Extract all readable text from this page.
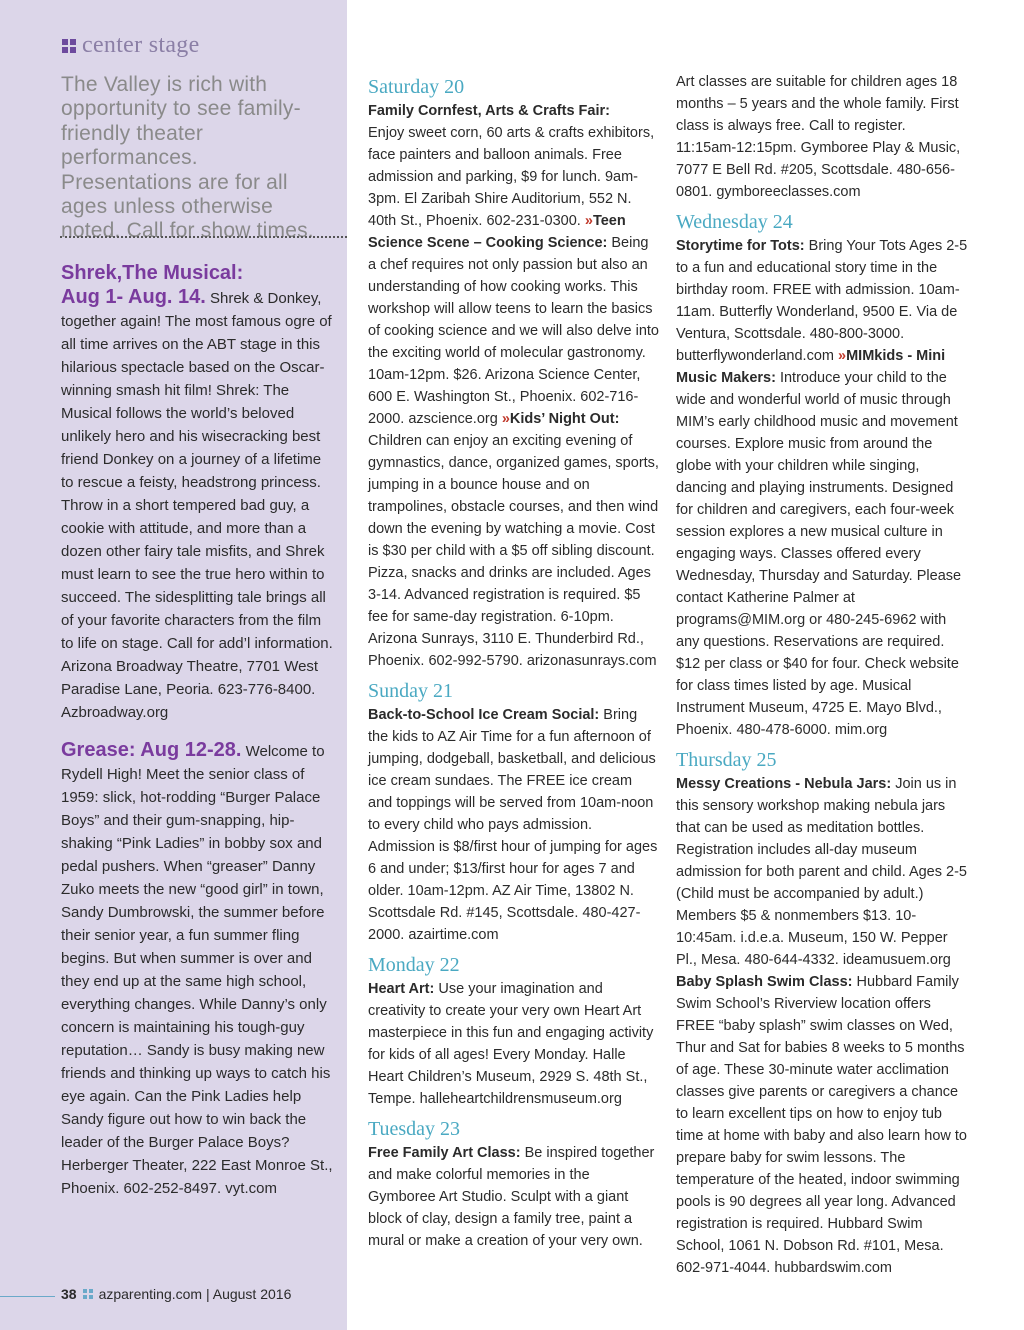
center stage

The Valley is rich with opportunity to see family-friendly theater performances. Presentations are for all ages unless otherwise noted. Call for show times.

Shrek,The Musical:
Aug 1- Aug. 14. Shrek & Donkey, together again! The most famous ogre of all time arrives on the ABT stage in this hilarious spectacle based on the Oscar-winning smash hit film! Shrek: The Musical follows the world’s beloved unlikely hero and his wisecracking best friend Donkey on a journey of a lifetime to rescue a feisty, headstrong princess. Throw in a short tempered bad guy, a cookie with attitude, and more than a dozen other fairy tale misfits, and Shrek must learn to see the true hero within to succeed. The sidesplitting tale brings all of your favorite characters from the film to life on stage. Call for add’l information. Arizona Broadway Theatre, 7701 West Paradise Lane, Peoria. 623-776-8400. Azbroadway.org

Grease: Aug 12-28. Welcome to Rydell High! Meet the senior class of 1959: slick, hot-rodding “Burger Palace Boys” and their gum-snapping, hip-shaking “Pink Ladies” in bobby sox and pedal pushers. When “greaser” Danny Zuko meets the new “good girl” in town, Sandy Dumbrowski, the summer before their senior year, a fun summer fling begins. But when summer is over and they end up at the same high school, everything changes. While Danny’s only concern is maintaining his tough-guy reputation… Sandy is busy making new friends and thinking up ways to catch his eye again. Can the Pink Ladies help Sandy figure out how to win back the leader of the Burger Palace Boys? Herberger Theater, 222 East Monroe St., Phoenix. 602-252-8497. vyt.com

38 azparenting.com
| August 2016

Saturday 20

Family Cornfest, Arts & Crafts Fair:
Enjoy sweet corn, 60 arts & crafts exhibitors, face painters and balloon animals. Free admission and parking, $9 for lunch. 9am-3pm. El Zaribah Shire Auditorium, 552 N. 40th St., Phoenix. 602-231-0300. »Teen Science Scene – Cooking Science: Being a chef requires not only passion but also an understanding of how cooking works. This workshop will allow teens to learn the basics of cooking science and we will also delve into the exciting world of molecular gastronomy. 10am-12pm. $26. Arizona Science Center, 600 E. Washington St., Phoenix. 602-716-2000. azscience.org »Kids’ Night Out: Children can enjoy an exciting evening of gymnastics, dance, organized games, sports, jumping in a bounce house and on trampolines, obstacle courses, and then wind down the evening by watching a movie. Cost is $30 per child with a $5 off sibling discount. Pizza, snacks and drinks are included. Ages 3-14. Advanced registration is required. $5 fee for same-day registration. 6-10pm. Arizona Sunrays, 3110 E. Thunderbird Rd., Phoenix. 602-992-5790. arizonasunrays.com

Sunday 21

Back-to-School Ice Cream Social: Bring the kids to AZ Air Time for a fun afternoon of jumping, dodgeball, basketball, and delicious ice cream sundaes. The FREE ice cream and toppings will be served from 10am-noon to every child who pays admission. Admission is $8/first hour of jumping for ages 6 and under; $13/first hour for ages 7 and older. 10am-12pm. AZ Air Time, 13802 N. Scottsdale Rd. #145, Scottsdale. 480-427-2000. azairtime.com

Monday 22

Heart Art: Use your imagination and creativity to create your very own Heart Art masterpiece in this fun and engaging activity for kids of all ages! Every Monday. Halle Heart Children’s Museum, 2929 S. 48th St., Tempe. halleheartchildrensmuseum.org

Tuesday 23

Free Family Art Class: Be inspired together and make colorful memories in the Gymboree Art Studio. Sculpt with a giant block of clay, design a family tree, paint a mural or make a creation of your very own.

Art classes are suitable for children ages 18 months – 5 years and the whole family. First class is always free. Call to register. 11:15am-12:15pm. Gymboree Play & Music, 7077 E Bell Rd. #205, Scottsdale. 480-656-0801. gymboreeclasses.com

Wednesday 24

Storytime for Tots: Bring Your Tots Ages 2-5 to a fun and educational story time in the birthday room. FREE with admission. 10am-11am. Butterfly Wonderland, 9500 E. Via de Ventura, Scottsdale. 480-800-3000. butterflywonderland.com »MIMkids - Mini Music Makers: Introduce your child to the wide and wonderful world of music through MIM’s early childhood music and movement courses. Explore music from around the globe with your children while singing, dancing and playing instruments. Designed for children and caregivers, each four-week session explores a new musical culture in engaging ways. Classes offered every Wednesday, Thursday and Saturday. Please contact Katherine Palmer at programs@MIM.org or 480-245-6962 with any questions. Reservations are required. $12 per class or $40 for four. Check website for class times listed by age. Musical Instrument Museum, 4725 E. Mayo Blvd., Phoenix. 480-478-6000. mim.org

Thursday 25

Messy Creations - Nebula Jars: Join us in this sensory workshop making nebula jars that can be used as meditation bottles. Registration includes all-day museum admission for both parent and child. Ages 2-5 (Child must be accompanied by adult.) Members $5 & nonmembers $13. 10-10:45am. i.d.e.a. Museum, 150 W. Pepper Pl., Mesa. 480-644-4332. ideamusuem.org
Baby Splash Swim Class: Hubbard Family Swim School’s Riverview location offers FREE “baby splash” swim classes on Wed, Thur and Sat for babies 8 weeks to 5 months of age. These 30-minute water acclimation classes give parents or caregivers a chance to learn excellent tips on how to enjoy tub time at home with baby and also learn how to prepare baby for swim lessons. The temperature of the heated, indoor swimming pools is 90 degrees all year long. Advanced registration is required. Hubbard Swim School, 1061 N. Dobson Rd. #101, Mesa. 602-971-4044. hubbardswim.com
